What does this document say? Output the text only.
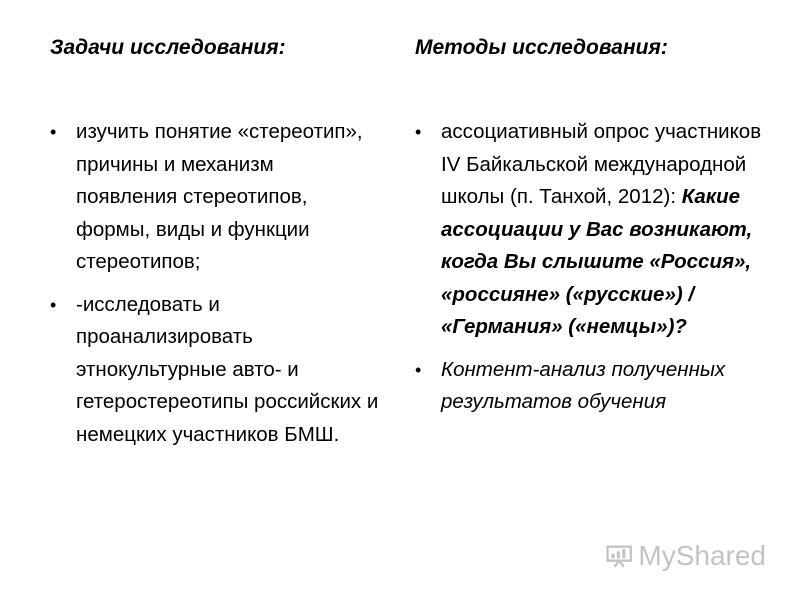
Задачи исследования:

• изучить понятие «стереотип», причины и механизм появления стереотипов, формы, виды и функции стереотипов;
• -исследовать и проанализировать этнокультурные авто- и гетеростереотипы российских и немецких участников БМШ.

Методы исследования:

• ассоциативный опрос участников IV Байкальской международной школы (п. Танхой, 2012): Какие ассоциации у Вас возникают, когда Вы слышите «Россия», «россияне» («русские») / «Германия» («немцы»)?
• Контент-анализ полученных результатов обучения
MyShared
